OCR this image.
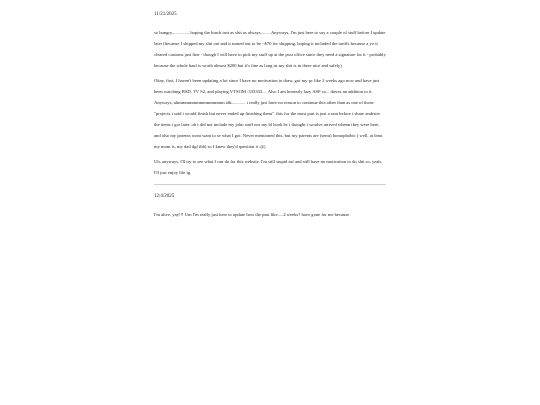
11/21/2025

so hungry................hoping the lunch isnt as shit as always.........Anyways, I'm just here to say a couple of stuff before I update later (because I shipped my shit out and it turned out to be ~$70 for shipping, hoping it included the tariffs because a yo it cleared customs just fine - though I will have to pick my stuff up at the post office since they need a signature for it - probably because the whole haul is worth almost $200 but it's fine as long as my shit is in there nice and safely)

Okay, first, I haven't been updating a lot since I have no motivation to draw, got my pc like 2 weeks ago now and have just been watching BSD, TV S2, and playing VTSOM :333333.... Also I am honestly lazy ASF so... theres an addition to it. Anyways, uhmmmmmmmmmmmmm idk............ i really just have no reason to continue this other than as one of those "projects i said i would finish but never ended up finishing them". this for the most part is just a rant before i share andrsite the items i got later. oh i did not include my john stuff nor my bl book bc i thought i woulve arrived whenn they were here, and also my parents wont want to se what I got. Never mentioned this, but my parents are (semi) homophobic ( well, at least my mom is, my dad dgf tbh) so I knew they'd question it ;(((;

Uh, anyways, I'll try to see what I can do for this website. I'm still stupid asf and still have no motivation to do shit so, yeah, I'll just enjoy life ig.

12/4/2025

I'm alive, yay!!! Um I'm really just here to update how the past like.....2 weeks? have gone for me because
